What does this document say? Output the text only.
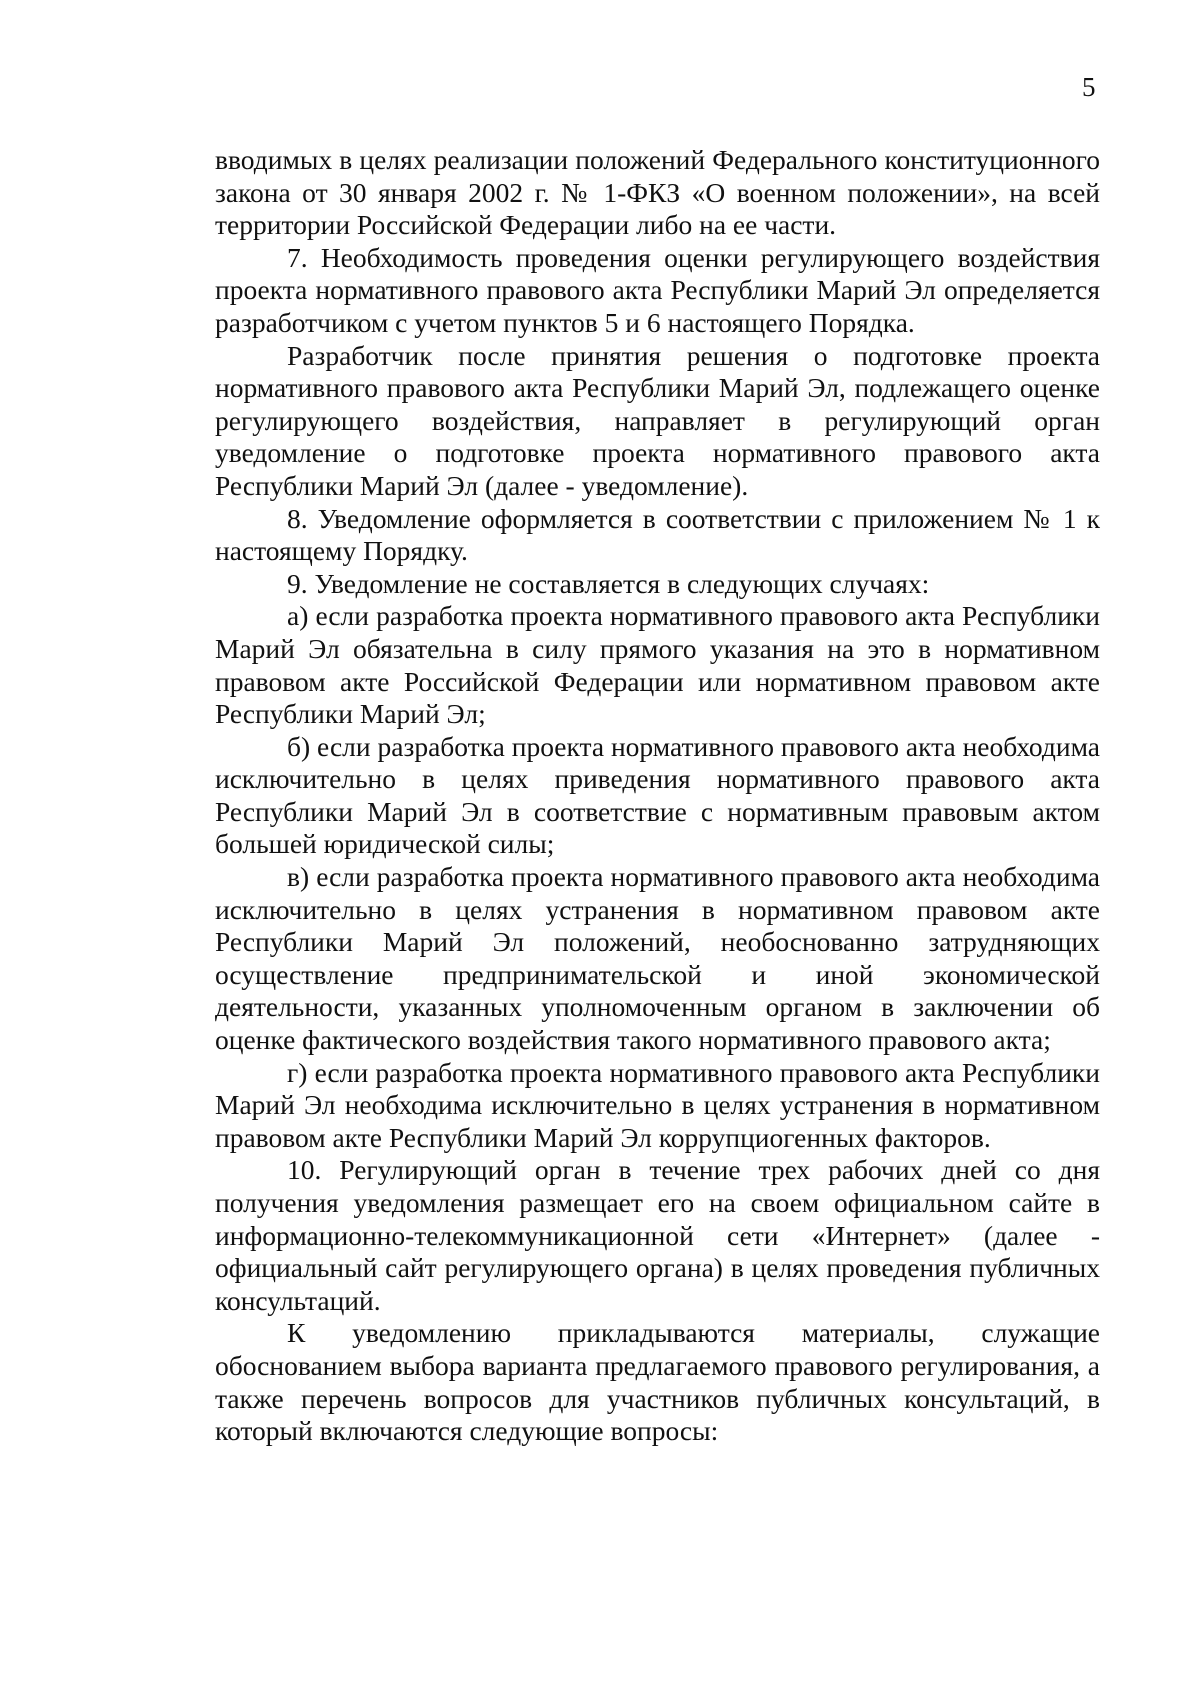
5

вводимых в целях реализации положений Федерального конституционного закона от 30 января 2002 г. № 1-ФКЗ «О военном положении», на всей территории Российской Федерации либо на ее части.

7. Необходимость проведения оценки регулирующего воздействия проекта нормативного правового акта Республики Марий Эл определяется разработчиком с учетом пунктов 5 и 6 настоящего Порядка.

Разработчик после принятия решения о подготовке проекта нормативного правового акта Республики Марий Эл, подлежащего оценке регулирующего воздействия, направляет в регулирующий орган уведомление о подготовке проекта нормативного правового акта Республики Марий Эл (далее - уведомление).

8. Уведомление оформляется в соответствии с приложением № 1 к настоящему Порядку.

9. Уведомление не составляется в следующих случаях:

а) если разработка проекта нормативного правового акта Республики Марий Эл обязательна в силу прямого указания на это в нормативном правовом акте Российской Федерации или нормативном правовом акте Республики Марий Эл;

б) если разработка проекта нормативного правового акта необходима исключительно в целях приведения нормативного правового акта Республики Марий Эл в соответствие с нормативным правовым актом большей юридической силы;

в) если разработка проекта нормативного правового акта необходима исключительно в целях устранения в нормативном правовом акте Республики Марий Эл положений, необоснованно затрудняющих осуществление предпринимательской и иной экономической деятельности, указанных уполномоченным органом в заключении об оценке фактического воздействия такого нормативного правового акта;

г) если разработка проекта нормативного правового акта Республики Марий Эл необходима исключительно в целях устранения в нормативном правовом акте Республики Марий Эл коррупциогенных факторов.

10. Регулирующий орган в течение трех рабочих дней со дня получения уведомления размещает его на своем официальном сайте в информационно-телекоммуникационной сети «Интернет» (далее - официальный сайт регулирующего органа) в целях проведения публичных консультаций.

К уведомлению прикладываются материалы, служащие обоснованием выбора варианта предлагаемого правового регулирования, а также перечень вопросов для участников публичных консультаций, в который включаются следующие вопросы:
